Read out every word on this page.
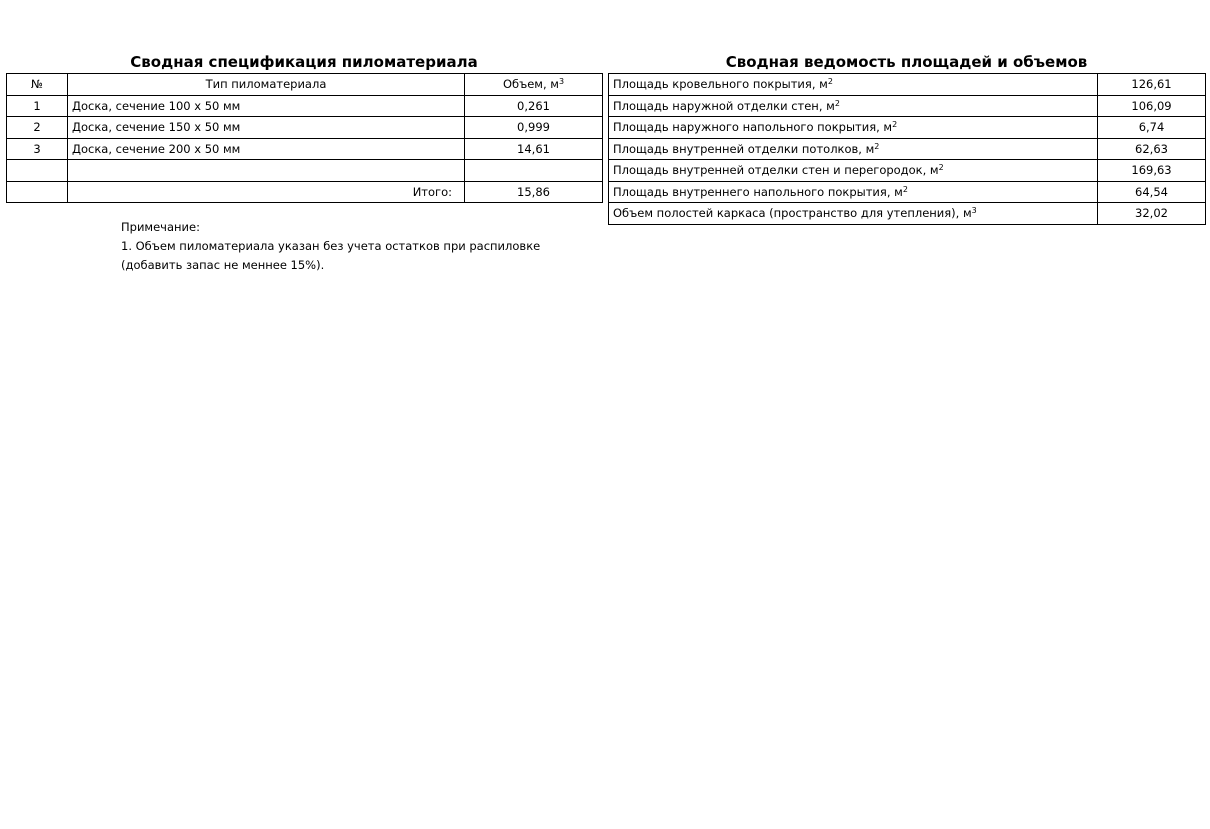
Сводная спецификация пиломатериала
№	Тип пиломатериала	Объем, $м^3$
1	Доска, сечение 100 х 50 мм	0,261
2	Доска, сечение 150 х 50 мм	0,999
3	Доска, сечение 200 х 50 мм	14,61

	Итого:	15,86
Примечание:
1. Объем пиломатериала указан без учета остатков при распиловке
(добавить запас не меннее 15%).
Сводная ведомость площадей и объемов
Площадь кровельного покрытия, $м^2$	126,61
Площадь наружной отделки стен, $м^2$	106,09
Площадь наружного напольного покрытия, $м^2$	6,74
Площадь внутренней отделки потолков, $м^2$	62,63
Площадь внутренней отделки стен и перегородок, $м^2$	169,63
Площадь внутреннего напольного покрытия, $м^2$	64,54
Объем полостей каркаса (пространство для утепления), $м^3$	32,02
